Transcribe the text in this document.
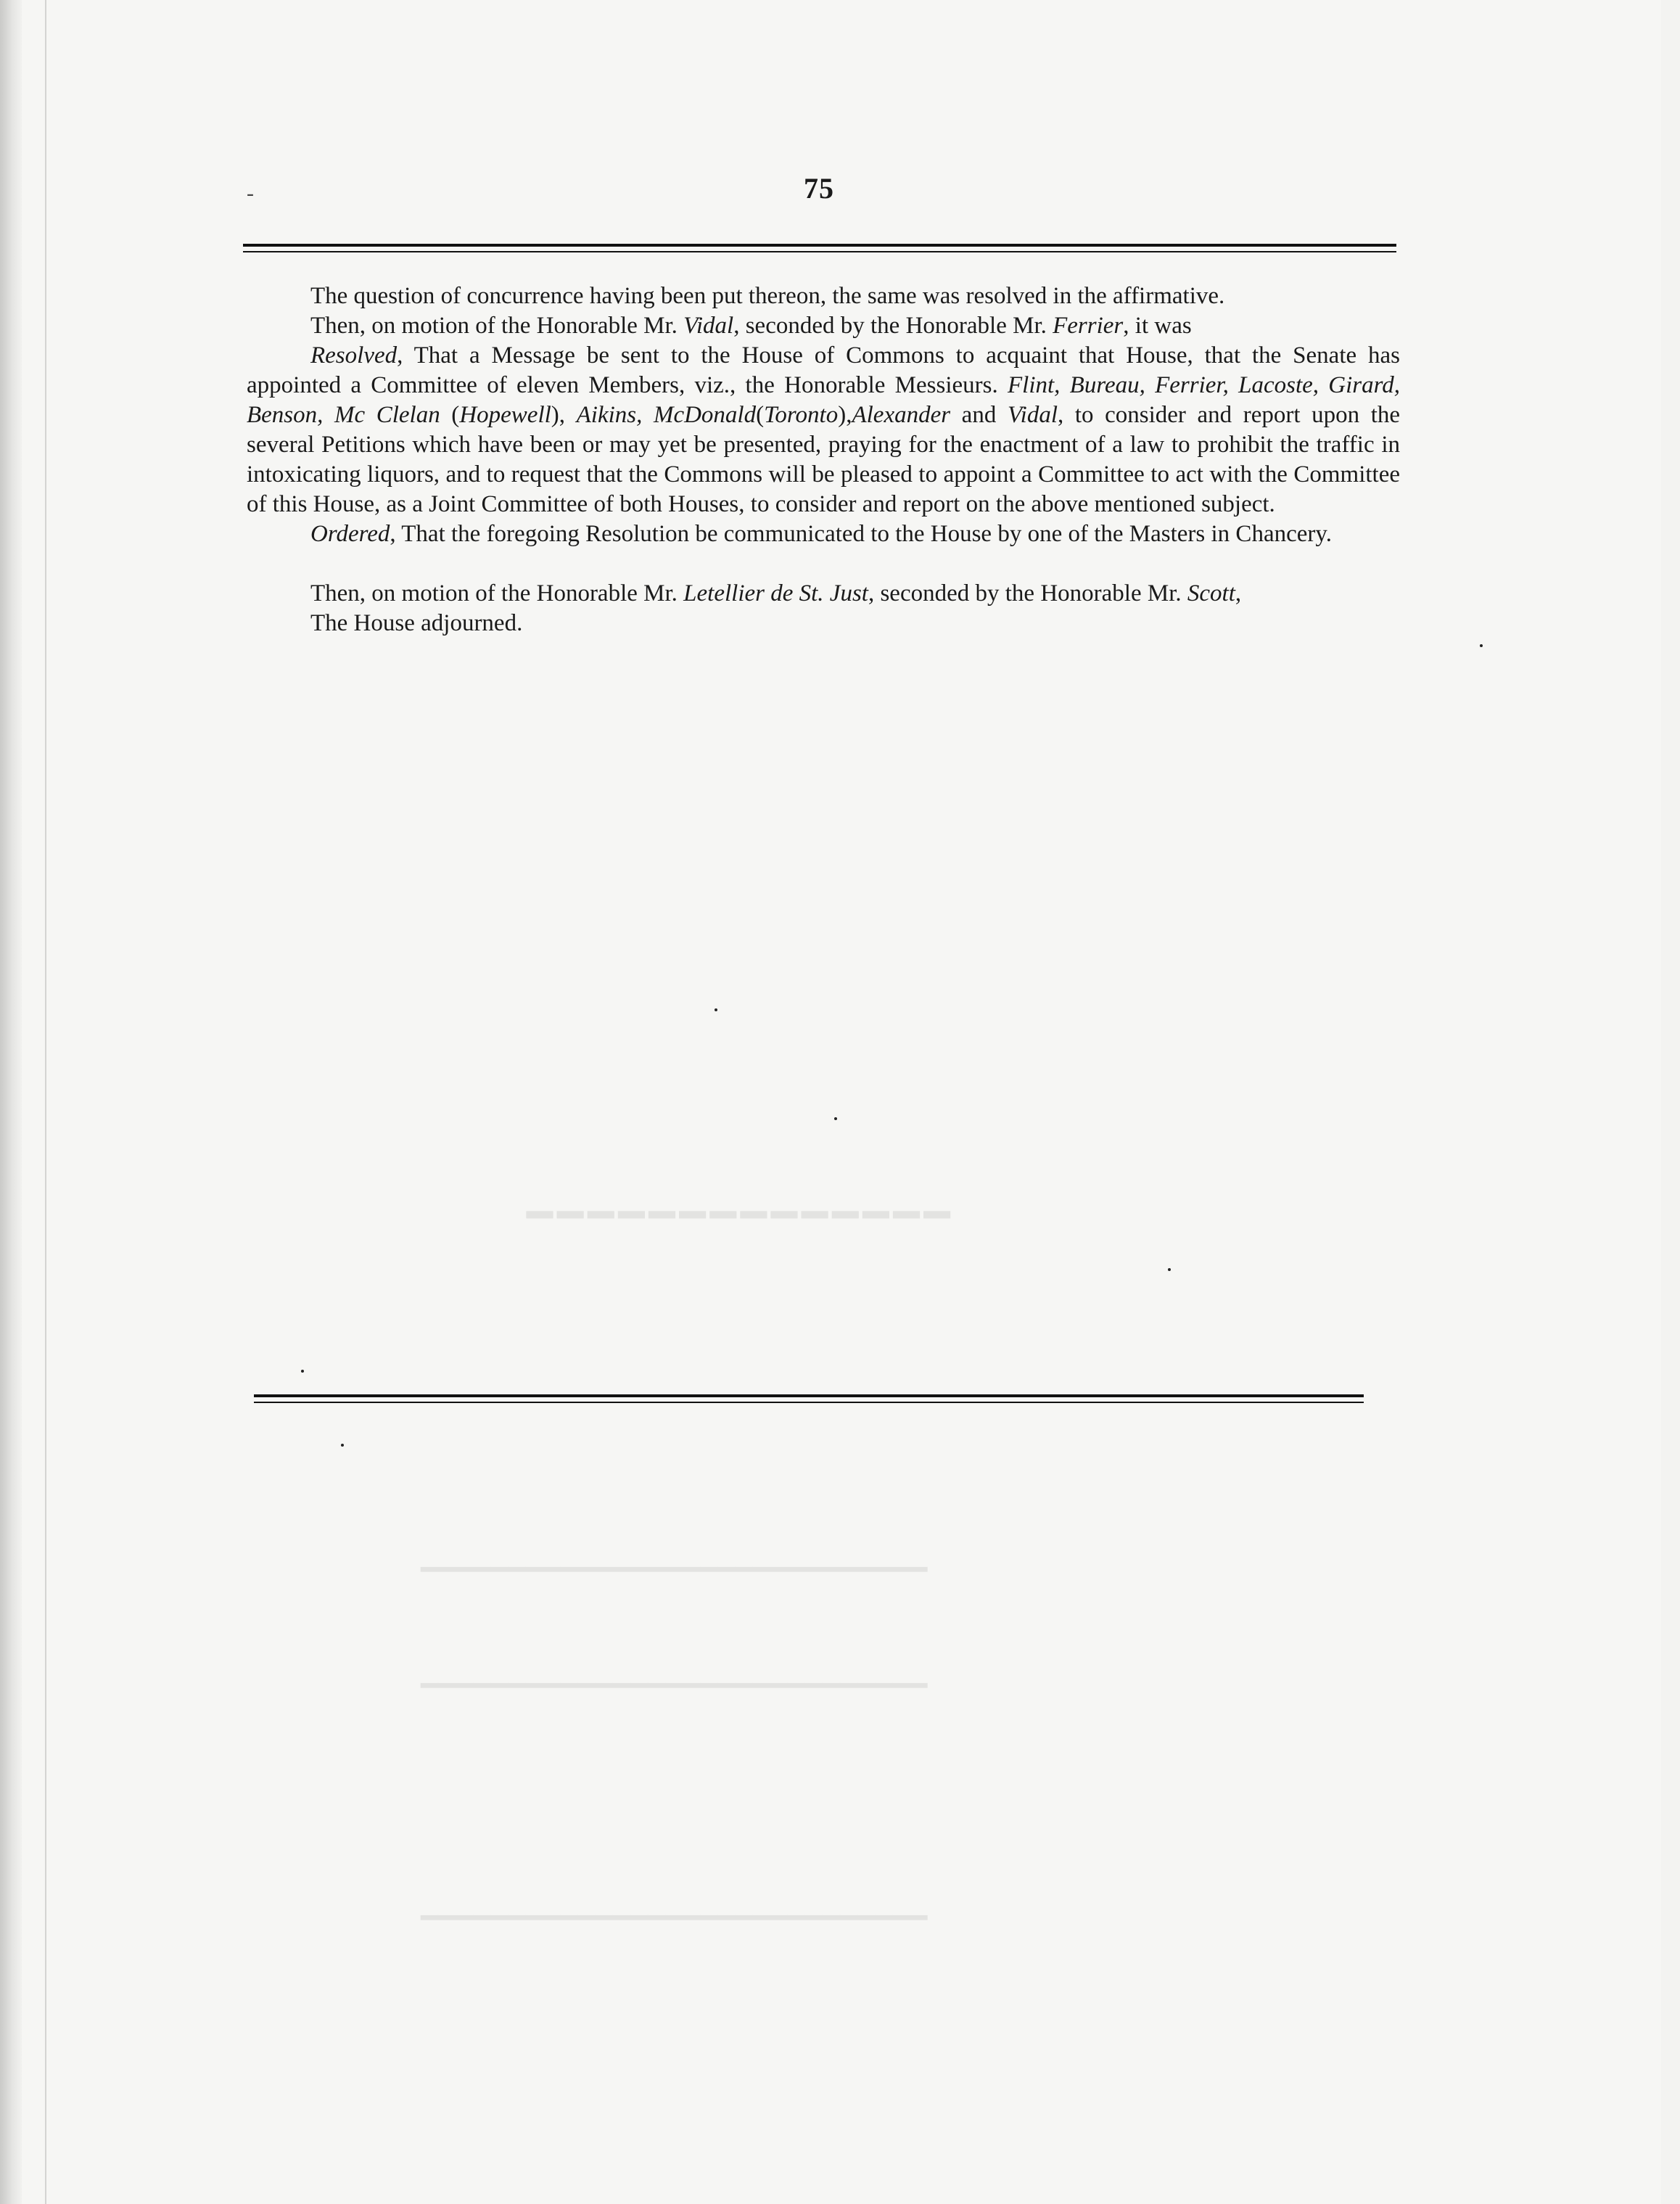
━━━━━━━━━━━━━━
━━━━━━━━━━━━━━━━━━━━━━━━━━━━━
━━━━━━━━━━━━━━━━━━━━━━━━━━━━━
━━━━━━━━━━━━━━━━━━━━━━━━━━━━━
-	75

The question of concurrence having been put thereon, the same was resolved in the affirmative.

Then, on motion of the Honorable Mr. Vidal, seconded by the Honorable Mr. Ferrier, it was

Resolved, That a Message be sent to the House of Commons to acquaint that House, that the Senate has appointed a Committee of eleven Members, viz., the Honorable Messieurs. Flint, Bureau, Ferrier, Lacoste, Girard, Benson, Mc Clelan (Hopewell), Aikins, McDonald(Toronto),Alexander and Vidal, to consider and report upon the several Petitions which have been or may yet be presented, praying for the enactment of a law to prohibit the traffic in intoxicating liquors, and to request that the Commons will be pleased to appoint a Committee to act with the Committee of this House, as a Joint Committee of both Houses, to consider and report on the above mentioned subject.

Ordered, That the foregoing Resolution be communicated to the House by one of the Masters in Chancery.

Then, on motion of the Honorable Mr. Letellier de St. Just, seconded by the Honorable Mr. Scott,

The House adjourned.
